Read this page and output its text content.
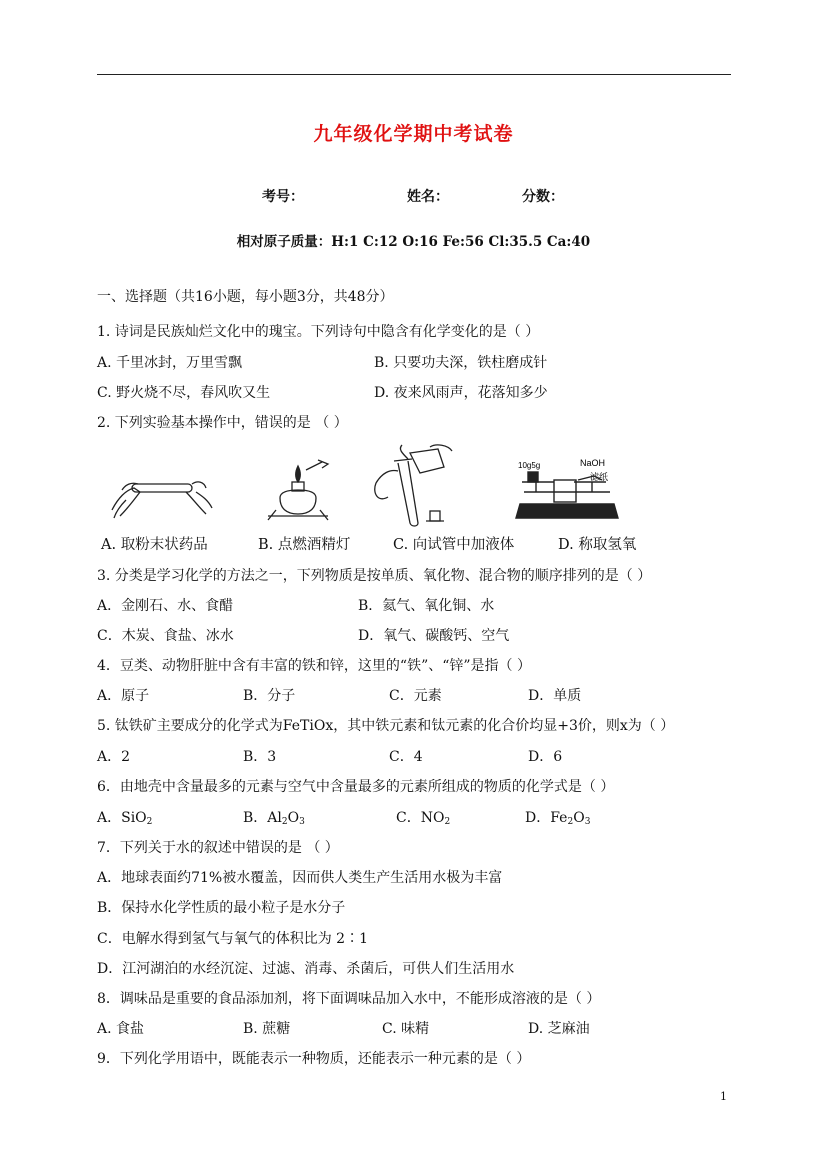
九年级化学期中考试卷
考号：	姓名：	分数：
相对原子质量：H:1 C:12 O:16 Fe:56 Cl:35.5 Ca:40
一、选择题（共16小题，每小题3分，共48分）
1. 诗词是民族灿烂文化中的瑰宝。下列诗句中隐含有化学变化的是（ ）
A. 千里冰封，万里雪飘	B. 只要功夫深，铁柱磨成针
C. 野火烧不尽，春风吹又生	D. 夜来风雨声，花落知多少
2. 下列实验基本操作中，错误的是 （ ）
10g5g	NaOH
滤纸
A. 取粉末状药品	B. 点燃酒精灯	C. 向试管中加液体	D. 称取氢氧
3. 分类是学习化学的方法之一，下列物质是按单质、氧化物、混合物的顺序排列的是（ ）
A．金刚石、水、食醋	B．氦气、氧化铜、水
C．木炭、食盐、冰水	D．氧气、碳酸钙、空气
4．豆类、动物肝脏中含有丰富的铁和锌，这里的“铁”、“锌”是指（ ）
A．原子	B．分子	C．元素	D．单质
5. 钛铁矿主要成分的化学式为FeTiOx，其中铁元素和钛元素的化合价均显+3价，则x为（ ）
A．2	B．3	C．4	D．6
6．由地壳中含量最多的元素与空气中含量最多的元素所组成的物质的化学式是（ ）
A．SiO$_2$	B．$Al_2O_3$	C．$NO_2$	D．$Fe_2O_3$
7．下列关于水的叙述中错误的是 （ ）
A．地球表面约71%被水覆盖，因而供人类生产生活用水极为丰富
B．保持水化学性质的最小粒子是水分子
C．电解水得到氢气与氧气的体积比为 2∶1
D．江河湖泊的水经沉淀、过滤、消毒、杀菌后，可供人们生活用水
8．调味品是重要的食品添加剂，将下面调味品加入水中，不能形成溶液的是（ ）
A. 食盐	B. 蔗糖	C. 味精	D. 芝麻油
9．下列化学用语中，既能表示一种物质，还能表示一种元素的是（ ）
1
